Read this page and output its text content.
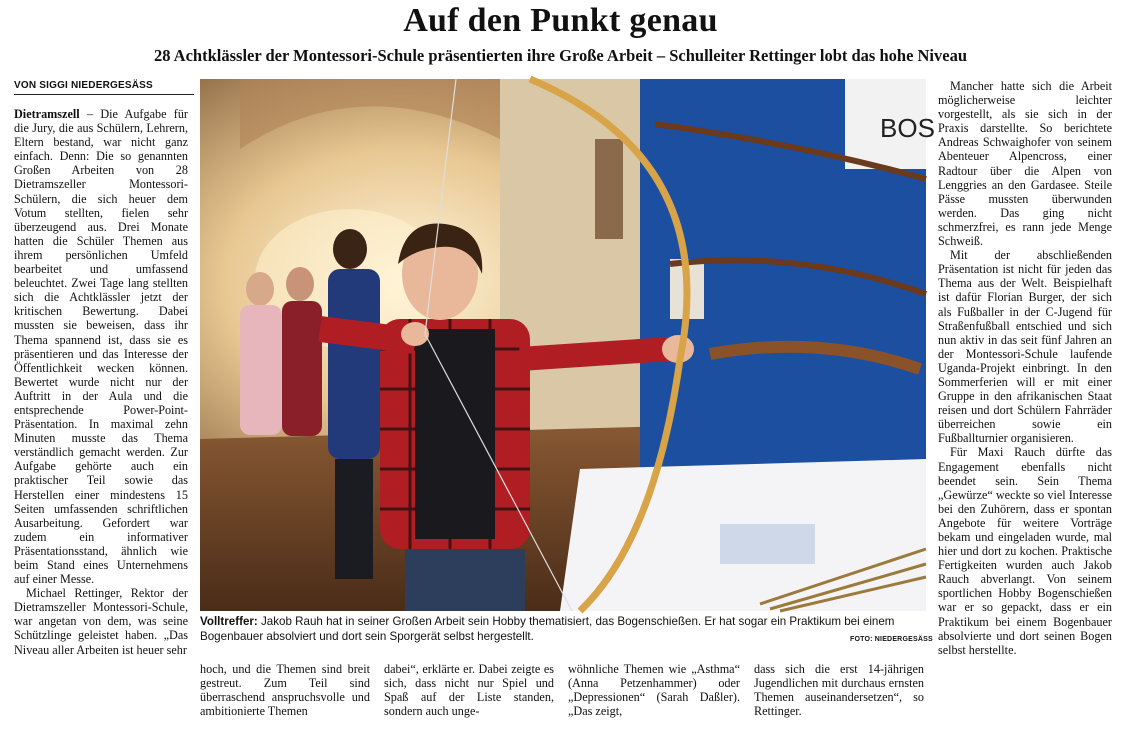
Auf den Punkt genau
28 Achtklässler der Montessori-Schule präsentierten ihre Große Arbeit – Schulleiter Rettinger lobt das hohe Niveau
VON SIGGI NIEDERGESÄSS

Dietramszell – Die Aufgabe für die Jury, die aus Schülern, Lehrern, Eltern bestand, war nicht ganz einfach. Denn: Die so genannten Großen Arbeiten von 28 Dietramszeller Montessori-Schülern, die sich heuer dem Votum stellten, fielen sehr überzeugend aus. Drei Monate hatten die Schüler Themen aus ihrem persönlichen Umfeld bearbeitet und umfassend beleuchtet. Zwei Tage lang stellten sich die Achtklässler jetzt der kritischen Bewertung. Dabei mussten sie beweisen, dass ihr Thema spannend ist, dass sie es präsentieren und das Interesse der Öffentlichkeit wecken können. Bewertet wurde nicht nur der Auftritt in der Aula und die entsprechende Power-Point-Präsentation. In maximal zehn Minuten musste das Thema verständlich gemacht werden. Zur Aufgabe gehörte auch ein praktischer Teil sowie das Herstellen einer mindestens 15 Seiten umfassenden schriftlichen Ausarbeitung. Gefordert war zudem ein informativer Präsentationsstand, ähnlich wie beim Stand eines Unternehmens auf einer Messe.

Michael Rettinger, Rektor der Dietramszeller Montessori-Schule, war angetan von dem, was seine Schützlinge geleistet haben. „Das Niveau aller Arbeiten ist heuer sehr

BOS
Volltreffer: Jakob Rauh hat in seiner Großen Arbeit sein Hobby thematisiert, das Bogenschießen. Er hat sogar ein Praktikum bei einem Bogenbauer absolviert und dort sein Sporgerät selbst hergestellt.	FOTO: NIEDERGESÄSS

hoch, und die Themen sind breit gestreut. Zum Teil sind überraschend anspruchsvolle und ambitionierte Themen

dabei“, erklärte er. Dabei zeigte es sich, dass nicht nur Spiel und Spaß auf der Liste standen, sondern auch unge-

wöhnliche Themen wie „Asthma“ (Anna Petzenhammer) oder „Depressionen“ (Sarah Daßler). „Das zeigt,

dass sich die erst 14-jährigen Jugendlichen mit durchaus ernsten Themen auseinandersetzen“, so Rettinger.

Mancher hatte sich die Arbeit möglicherweise leichter vorgestellt, als sie sich in der Praxis darstellte. So berichtete Andreas Schwaighofer von seinem Abenteuer Alpencross, einer Radtour über die Alpen von Lenggries an den Gardasee. Steile Pässe mussten überwunden werden. Das ging nicht schmerzfrei, es rann jede Menge Schweiß.

Mit der abschließenden Präsentation ist nicht für jeden das Thema aus der Welt. Beispielhaft ist dafür Florian Burger, der sich als Fußballer in der C-Jugend für Straßenfußball entschied und sich nun aktiv in das seit fünf Jahren an der Montessori-Schule laufende Uganda-Projekt einbringt. In den Sommerferien will er mit einer Gruppe in den afrikanischen Staat reisen und dort Schülern Fahrräder überreichen sowie ein Fußballturnier organisieren.

Für Maxi Rauch dürfte das Engagement ebenfalls nicht beendet sein. Sein Thema „Gewürze“ weckte so viel Interesse bei den Zuhörern, dass er spontan Angebote für weitere Vorträge bekam und eingeladen wurde, mal hier und dort zu kochen. Praktische Fertigkeiten wurden auch Jakob Rauch abverlangt. Von seinem sportlichen Hobby Bogenschießen war er so gepackt, dass er ein Praktikum bei einem Bogenbauer absolvierte und dort seinen Bogen selbst herstellte.
